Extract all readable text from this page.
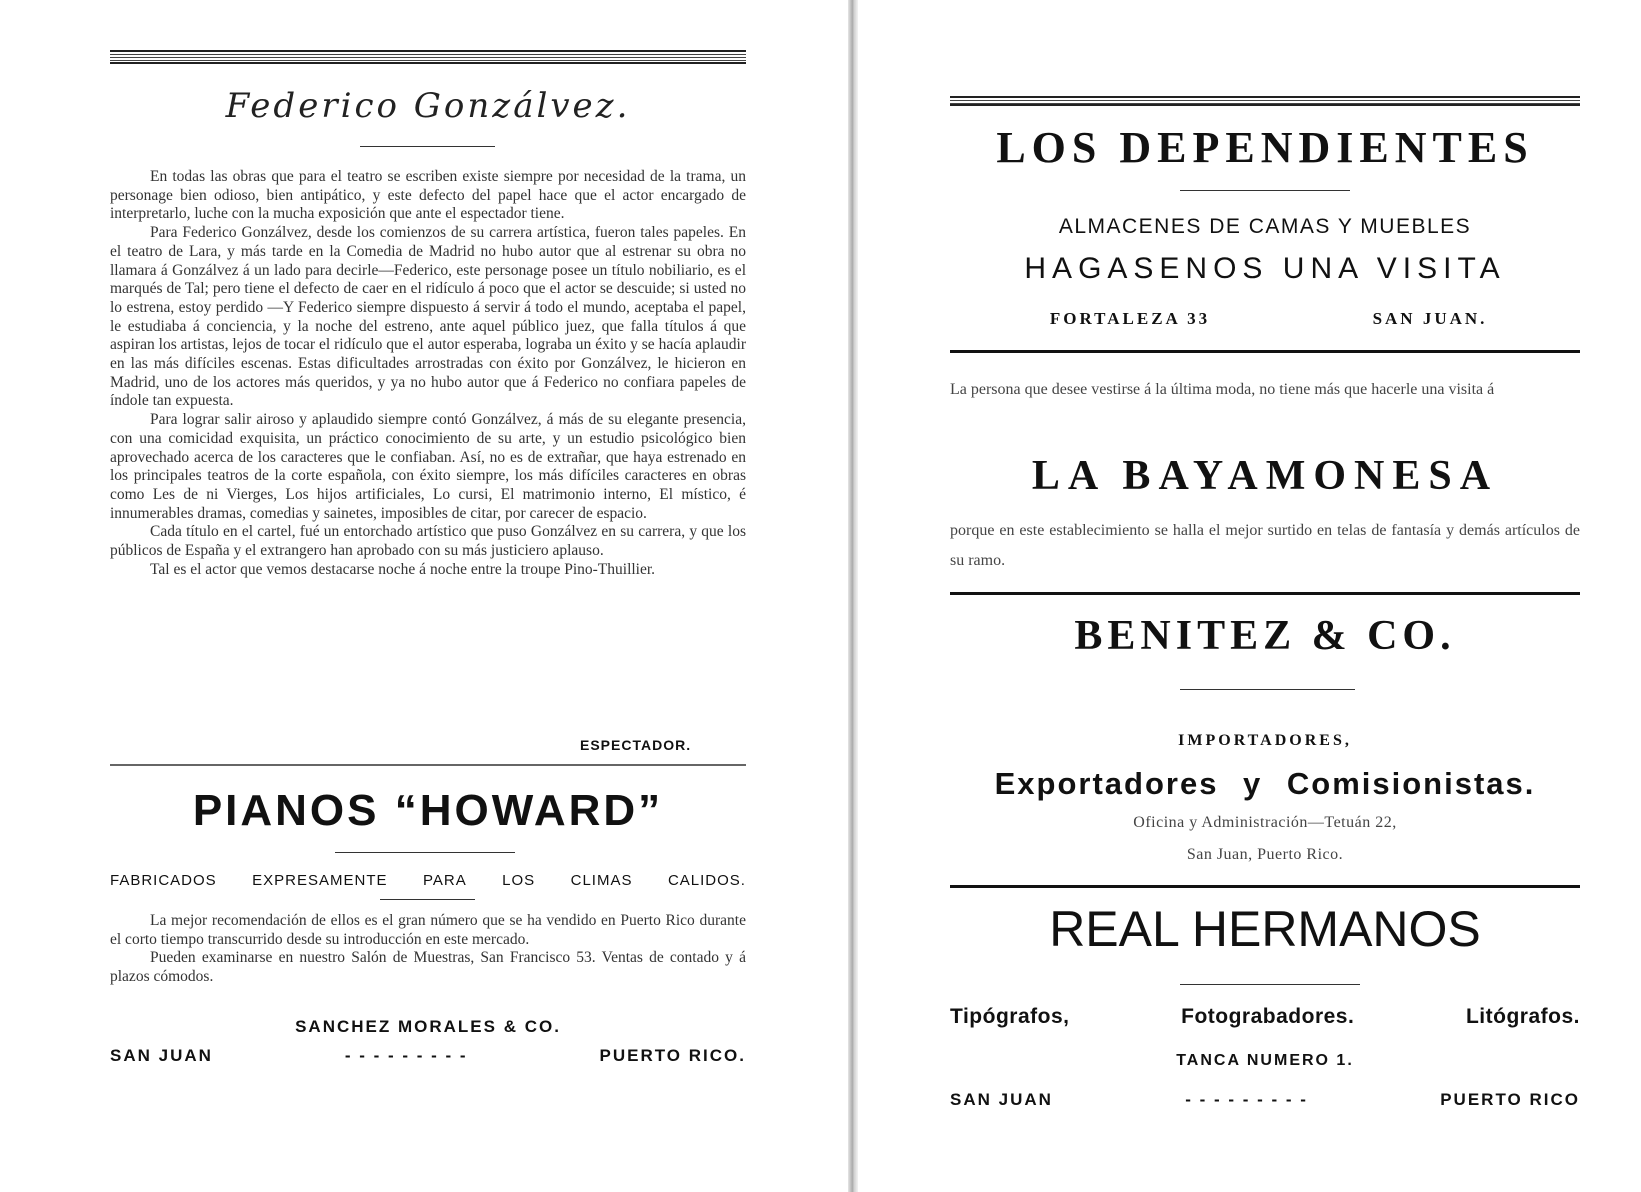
Federico Gonzálvez.

En todas las obras que para el teatro se escriben existe siempre por necesidad de la trama, un personage bien odioso, bien antipático, y este defecto del papel hace que el actor encargado de interpretarlo, luche con la mucha exposición que ante el espectador tiene.

Para Federico Gonzálvez, desde los comienzos de su carrera artística, fueron tales papeles. En el teatro de Lara, y más tarde en la Comedia de Madrid no hubo autor que al estrenar su obra no llamara á Gonzálvez á un lado para decirle—Federico, este personage posee un título nobiliario, es el marqués de Tal; pero tiene el defecto de caer en el ridículo á poco que el actor se descuide; si usted no lo estrena, estoy perdido —Y Federico siempre dispuesto á servir á todo el mundo, aceptaba el papel, le estudiaba á conciencia, y la noche del estreno, ante aquel público juez, que falla títulos á que aspiran los artistas, lejos de tocar el ridículo que el autor esperaba, lograba un éxito y se hacía aplaudir en las más difíciles escenas. Estas dificultades arrostradas con éxito por Gonzálvez, le hicieron en Madrid, uno de los actores más queridos, y ya no hubo autor que á Federico no confiara papeles de índole tan expuesta.

Para lograr salir airoso y aplaudido siempre contó Gonzálvez, á más de su elegante presencia, con una comicidad exquisita, un práctico conocimiento de su arte, y un estudio psicológico bien aprovechado acerca de los caracteres que le confiaban. Así, no es de extrañar, que haya estrenado en los principales teatros de la corte española, con éxito siempre, los más difíciles caracteres en obras como Les de ni Vierges, Los hijos artificiales, Lo cursi, El matrimonio interno, El místico, é innumerables dramas, comedias y sainetes, imposibles de citar, por carecer de espacio.

Cada título en el cartel, fué un entorchado artístico que puso Gonzálvez en su carrera, y que los públicos de España y el extrangero han aprobado con su más justiciero aplauso.

Tal es el actor que vemos destacarse noche á noche entre la troupe Pino-Thuillier.

ESPECTADOR.
PIANOS “HOWARD”
FABRICADOS EXPRESAMENTE PARA LOS CLIMAS CALIDOS.

La mejor recomendación de ellos es el gran número que se ha vendido en Puerto Rico durante el corto tiempo transcurrido desde su introducción en este mercado.

Pueden examinarse en nuestro Salón de Muestras, San Francisco 53. Ventas de contado y á plazos cómodos.

SANCHEZ MORALES & CO.
SAN JUAN	- - - - - - - - -	PUERTO RICO.
LOS DEPENDIENTES
ALMACENES DE CAMAS Y MUEBLES
HAGASENOS UNA VISITA
FORTALEZA 33	SAN JUAN.
La persona que desee vestirse á la última moda, no tiene más que hacerle una visita á
LA BAYAMONESA
porque en este establecimiento se halla el mejor surtido en telas de fantasía y demás artículos de su ramo.
BENITEZ & CO.
IMPORTADORES,
Exportadores y Comisionistas.
Oficina y Administración—Tetuán 22,
San Juan, Puerto Rico.
REAL HERMANOS
Tipógrafos,	Fotograbadores.	Litógrafos.
TANCA NUMERO 1.
SAN JUAN	- - - - - - - - -	PUERTO RICO
